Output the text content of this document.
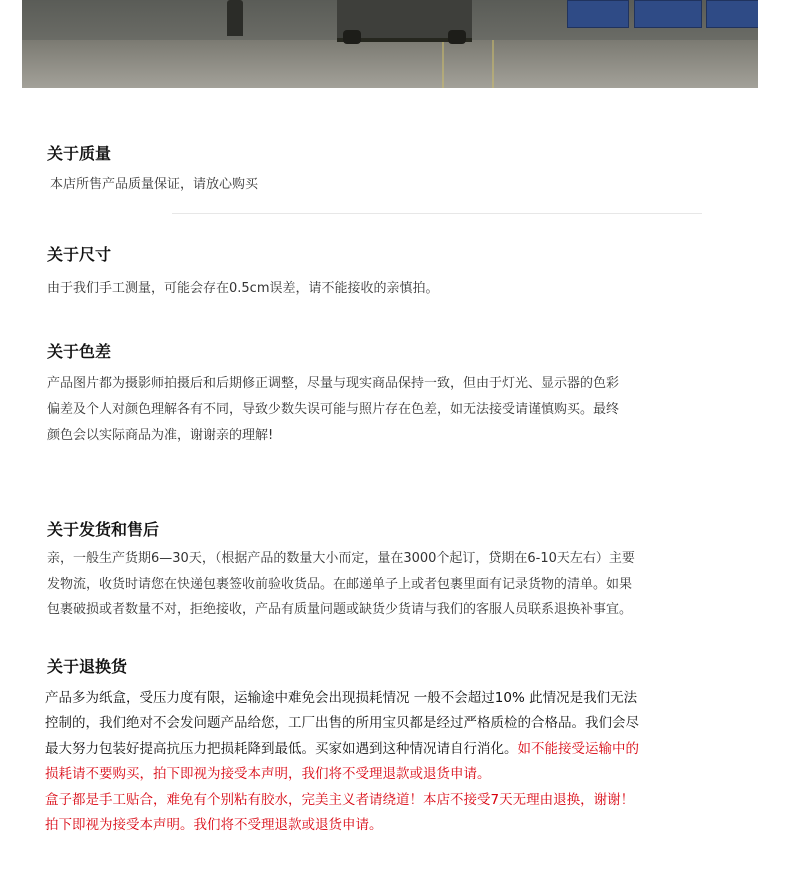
关于质量

本店所售产品质量保证，请放心购买

关于尺寸

由于我们手工测量，可能会存在0.5cm误差，请不能接收的亲慎拍。

关于色差

产品图片都为摄影师拍摄后和后期修正调整，尽量与现实商品保持一致，但由于灯光、显示器的色彩

偏差及个人对颜色理解各有不同，导致少数失误可能与照片存在色差，如无法接受请谨慎购买。最终

颜色会以实际商品为准，谢谢亲的理解!

关于发货和售后

亲，一般生产货期6—30天，（根据产品的数量大小而定，量在3000个起订，贷期在6-10天左右）主要

发物流，收货时请您在快递包裹签收前验收货品。在邮递单子上或者包裹里面有记录货物的清单。如果

包裹破损或者数量不对，拒绝接收，产品有质量问题或缺货少货请与我们的客服人员联系退换补事宜。

关于退换货

产品多为纸盒，受压力度有限，运输途中难免会出现损耗情况 一般不会超过10% 此情况是我们无法

控制的，我们绝对不会发问题产品给您，工厂出售的所用宝贝都是经过严格质检的合格品。我们会尽

最大努力包装好提高抗压力把损耗降到最低。买家如遇到这种情况请自行消化。如不能接受运输中的

损耗请不要购买，拍下即视为接受本声明，我们将不受理退款或退货申请。

盒子都是手工贴合，难免有个别粘有胶水，完美主义者请绕道！本店不接受7天无理由退换，谢谢！

拍下即视为接受本声明。我们将不受理退款或退货申请。
